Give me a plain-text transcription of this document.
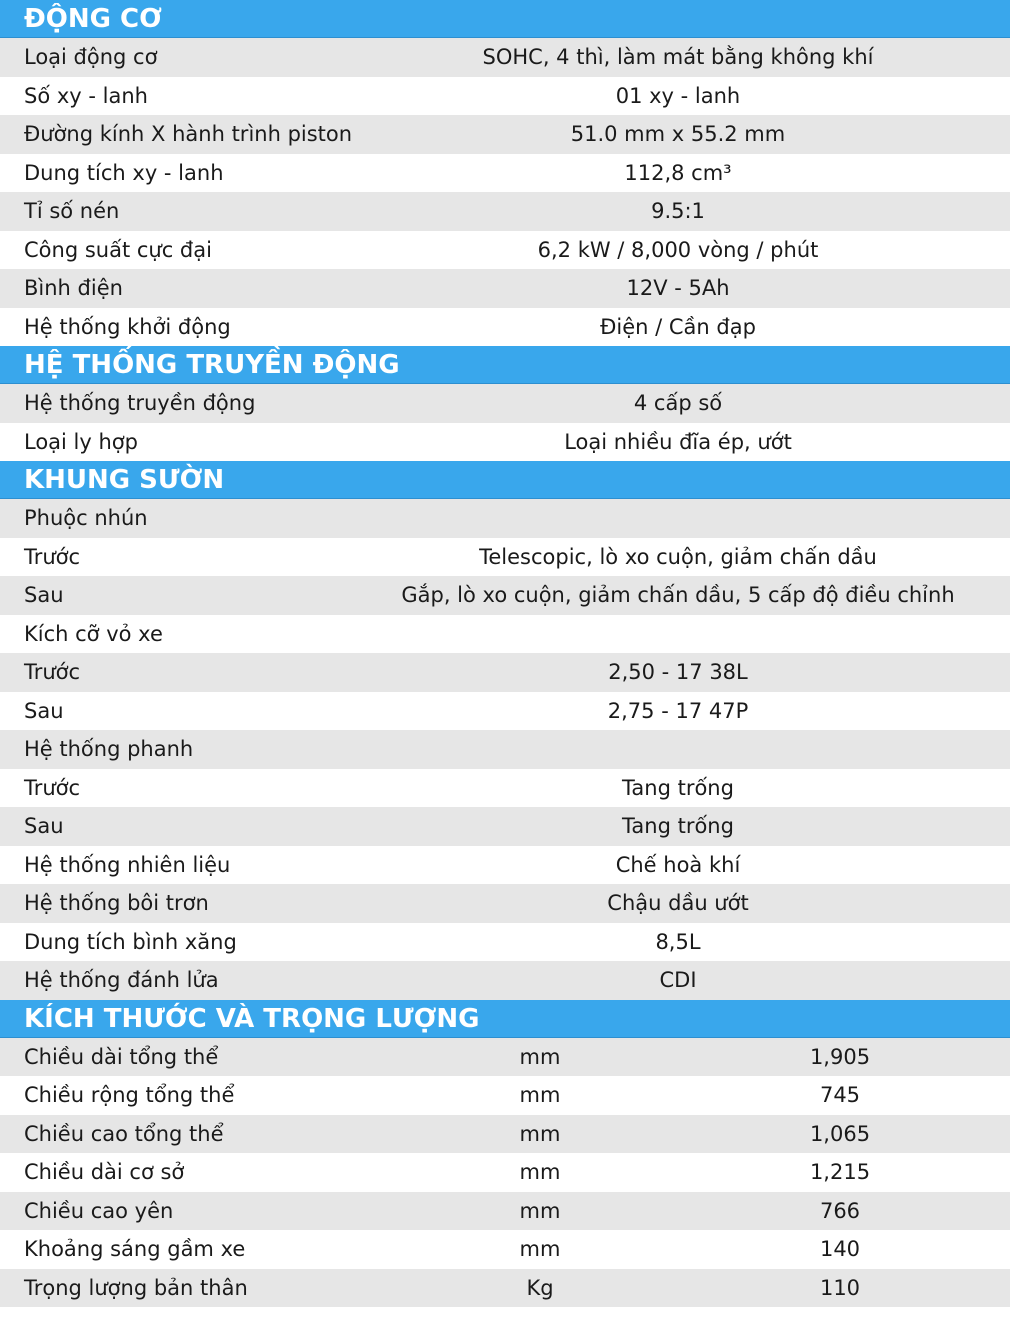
ĐỘNG CƠ
Loại động cơ	SOHC, 4 thì, làm mát bằng không khí
Số xy - lanh	01 xy - lanh
Đường kính X hành trình piston	51.0 mm x 55.2 mm
Dung tích xy - lanh	112,8 cm³
Tỉ số nén	9.5:1
Công suất cực đại	6,2 kW / 8,000 vòng / phút
Bình điện	12V - 5Ah
Hệ thống khởi động	Điện / Cần đạp
HỆ THỐNG TRUYỀN ĐỘNG
Hệ thống truyền động	4 cấp số
Loại ly hợp	Loại nhiều đĩa ép, ướt
KHUNG SƯỜN
Phuộc nhún
Trước	Telescopic, lò xo cuộn, giảm chấn dầu
Sau	Gắp, lò xo cuộn, giảm chấn dầu, 5 cấp độ điều chỉnh
Kích cỡ vỏ xe
Trước	2,50 - 17 38L
Sau	2,75 - 17 47P
Hệ thống phanh
Trước	Tang trống
Sau	Tang trống
Hệ thống nhiên liệu	Chế hoà khí
Hệ thống bôi trơn	Chậu dầu ướt
Dung tích bình xăng	8,5L
Hệ thống đánh lửa	CDI
KÍCH THƯỚC VÀ TRỌNG LƯỢNG
Chiều dài tổng thể	mm	1,905
Chiều rộng tổng thể	mm	745
Chiều cao tổng thể	mm	1,065
Chiều dài cơ sở	mm	1,215
Chiều cao yên	mm	766
Khoảng sáng gầm xe	mm	140
Trọng lượng bản thân	Kg	110
